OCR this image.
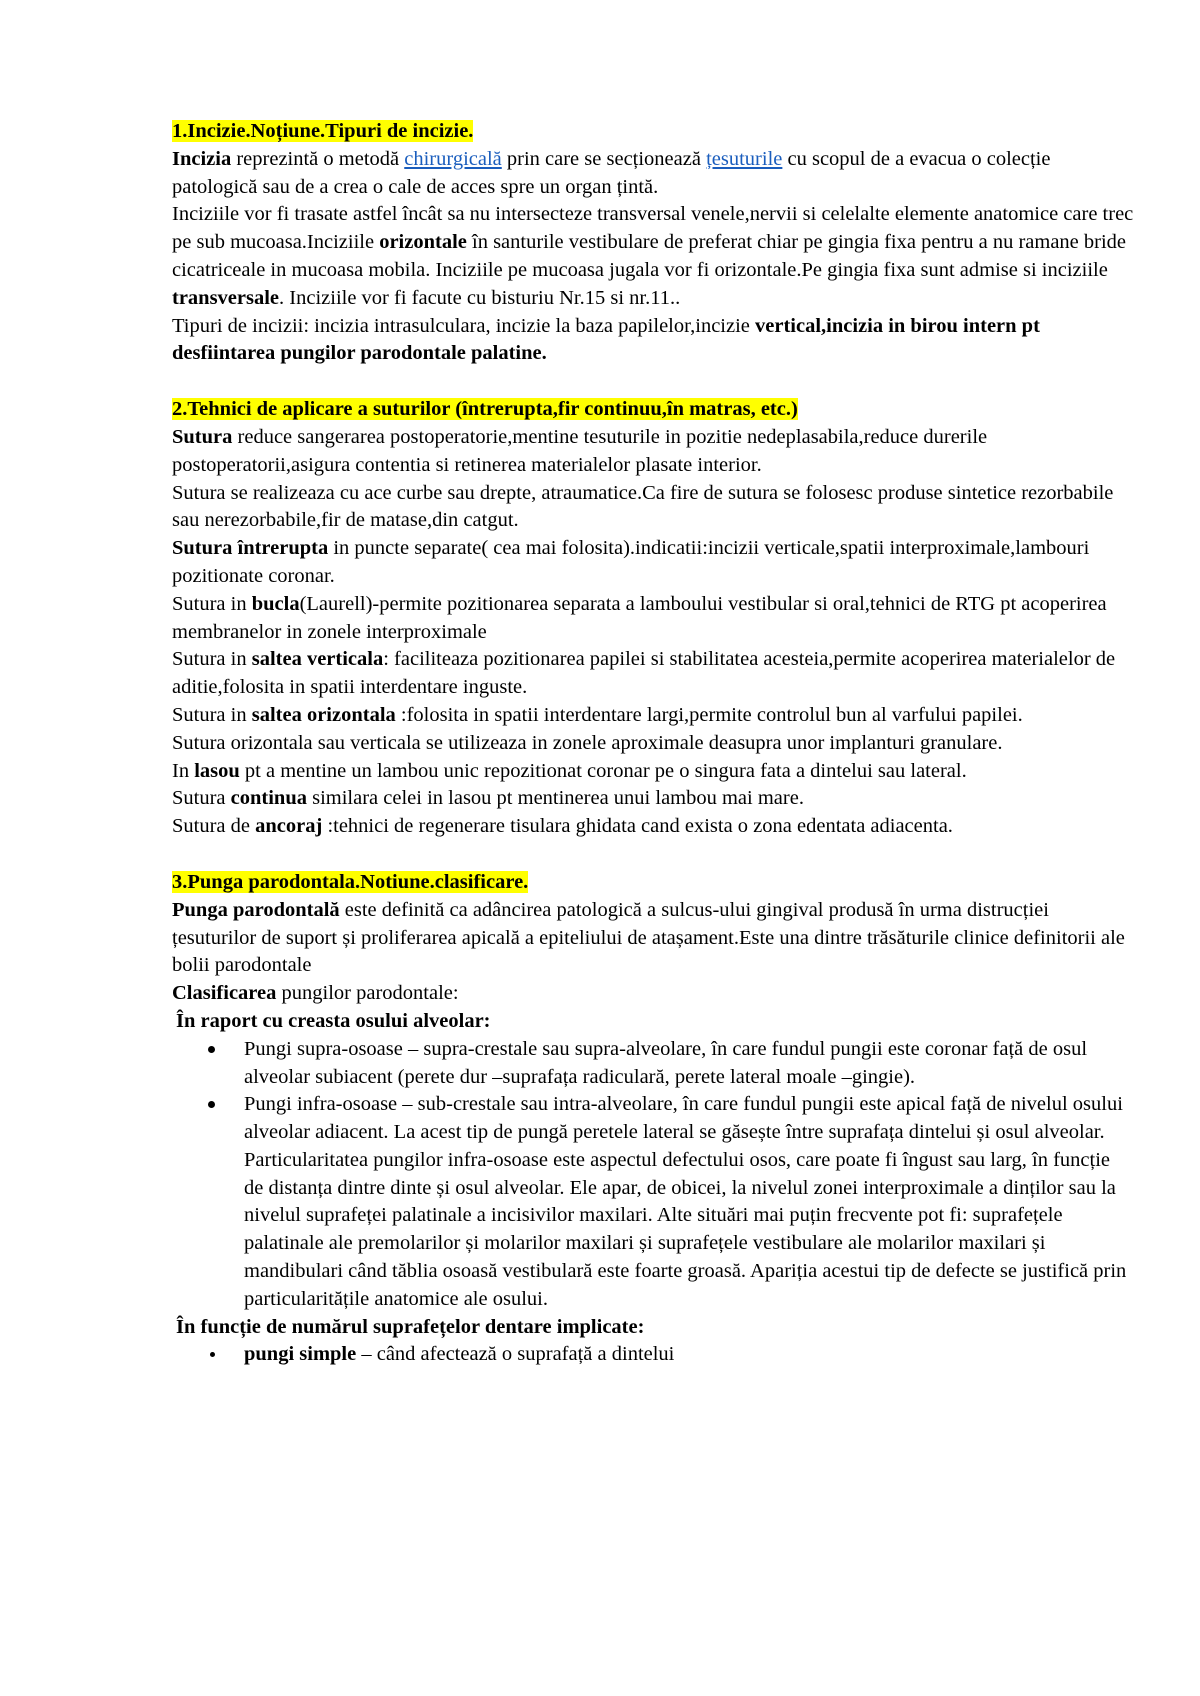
1.Incizie.Noțiune.Tipuri de incizie.

Incizia reprezintă o metodă chirurgicală prin care se secționează țesuturile cu scopul de a evacua o colecție patologică sau de a crea o cale de acces spre un organ țintă.

Inciziile vor fi trasate astfel încât sa nu intersecteze transversal venele,nervii si celelalte elemente anatomice care trec pe sub mucoasa.Inciziile orizontale în santurile vestibulare de preferat chiar pe gingia fixa pentru a nu ramane bride cicatriceale in mucoasa mobila. Inciziile pe mucoasa jugala vor fi orizontale.Pe gingia fixa sunt admise si inciziile transversale. Inciziile vor fi facute cu bisturiu Nr.15 si nr.11..

Tipuri de incizii: incizia intrasulculara, incizie la baza papilelor,incizie vertical,incizia in birou intern pt desfiintarea pungilor parodontale palatine.

2.Tehnici de aplicare a suturilor (întrerupta,fir continuu,în matras, etc.)

Sutura reduce sangerarea postoperatorie,mentine tesuturile in pozitie nedeplasabila,reduce durerile postoperatorii,asigura contentia si retinerea materialelor plasate interior.

Sutura se realizeaza cu ace curbe sau drepte, atraumatice.Ca fire de sutura se folosesc produse sintetice rezorbabile sau nerezorbabile,fir de matase,din catgut.

Sutura întrerupta in puncte separate( cea mai folosita).indicatii:incizii verticale,spatii interproximale,lambouri pozitionate coronar.

Sutura in bucla(Laurell)-permite pozitionarea separata a lamboului vestibular si oral,tehnici de RTG pt acoperirea membranelor in zonele interproximale

Sutura in saltea verticala: faciliteaza pozitionarea papilei si stabilitatea acesteia,permite acoperirea materialelor de aditie,folosita in spatii interdentare inguste.

Sutura in saltea orizontala :folosita in spatii interdentare largi,permite controlul bun al varfului papilei.

Sutura orizontala sau verticala se utilizeaza in zonele aproximale deasupra unor implanturi granulare.

In lasou pt a mentine un lambou unic repozitionat coronar pe o singura fata a dintelui sau lateral.

Sutura continua similara celei in lasou pt mentinerea unui lambou mai mare.

Sutura de ancoraj :tehnici de regenerare tisulara ghidata cand exista o zona edentata adiacenta.

3.Punga parodontala.Notiune.clasificare.

Punga parodontală este definită ca adâncirea patologică a sulcus-ului gingival produsă în urma distrucției țesuturilor de suport și proliferarea apicală a epiteliului de atașament.Este una dintre trăsăturile clinice definitorii ale bolii parodontale

Clasificarea pungilor parodontale:

În raport cu creasta osului alveolar:

Pungi supra-osoase – supra-crestale sau supra-alveolare, în care fundul pungii este coronar față de osul alveolar subiacent (perete dur –suprafața radiculară, perete lateral moale –gingie).
Pungi infra-osoase – sub-crestale sau intra-alveolare, în care fundul pungii este apical față de nivelul osului alveolar adiacent. La acest tip de pungă peretele lateral se găsește între suprafața dintelui și osul alveolar. Particularitatea pungilor infra-osoase este aspectul defectului osos, care poate fi îngust sau larg, în funcție de distanța dintre dinte și osul alveolar. Ele apar, de obicei, la nivelul zonei interproximale a dinților sau la nivelul suprafeței palatinale a incisivilor maxilari. Alte situări mai puțin frecvente pot fi: suprafețele palatinale ale premolarilor și molarilor maxilari și suprafețele vestibulare ale molarilor maxilari și mandibulari când tăblia osoasă vestibulară este foarte groasă. Apariția acestui tip de defecte se justifică prin particularitățile anatomice ale osului.

În funcție de numărul suprafețelor dentare implicate:

pungi simple – când afectează o suprafață a dintelui
